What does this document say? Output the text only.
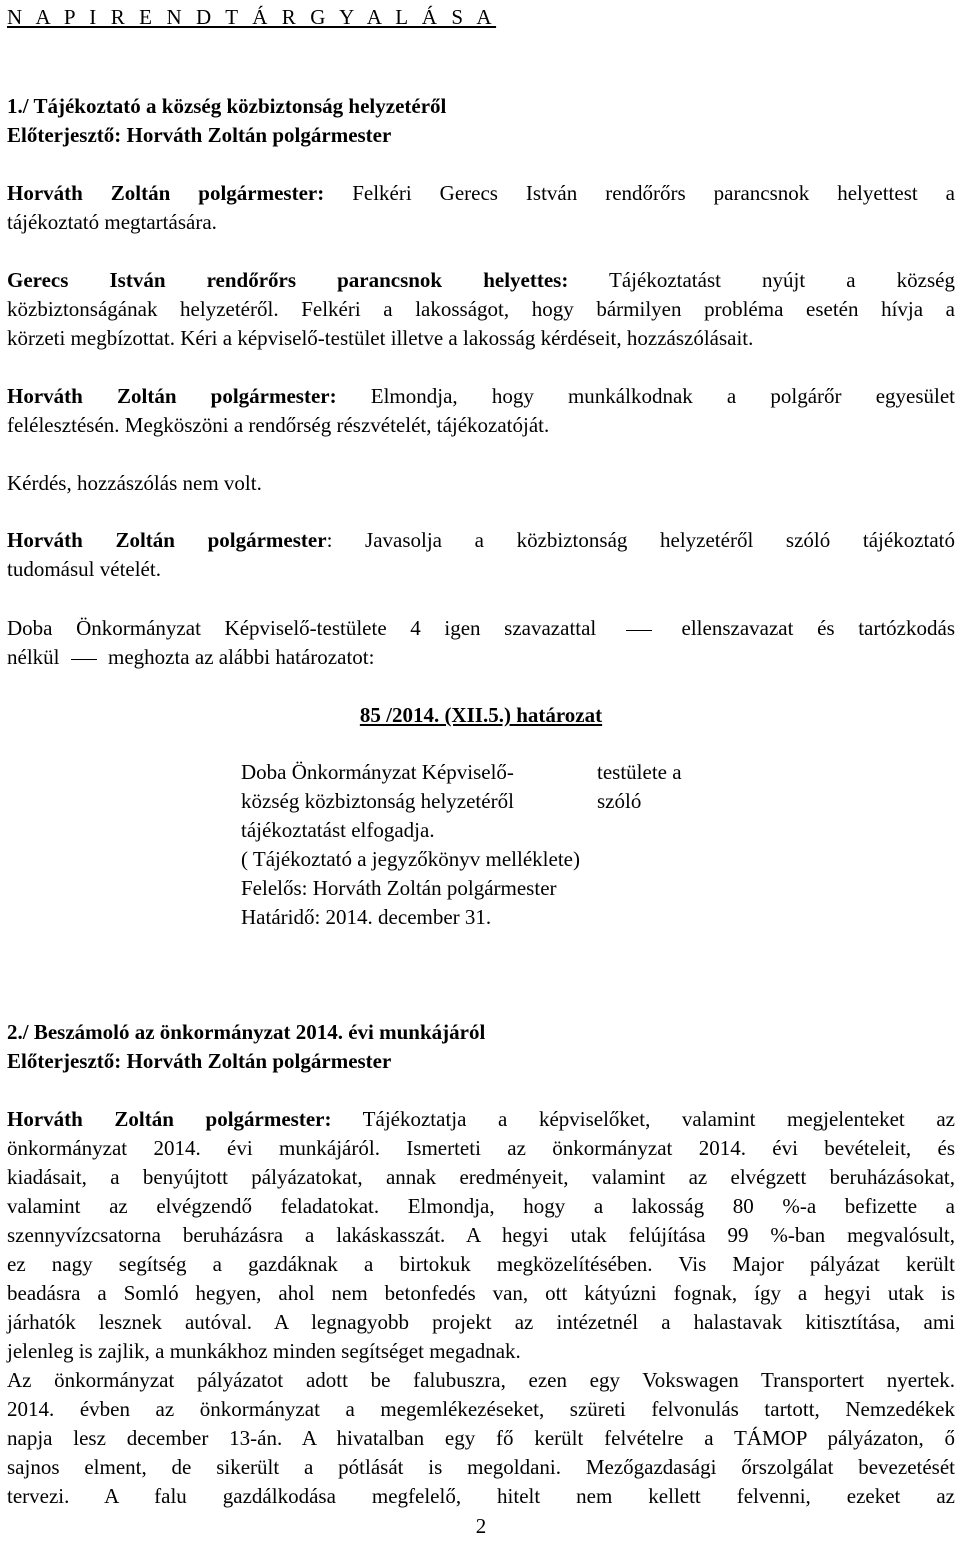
N A P I R E N D T Á R G Y A L Á S A
1./ Tájékoztató a község közbiztonság helyzetéről
Előterjesztő: Horváth Zoltán polgármester

Horváth Zoltán polgármester: Felkéri Gerecs István rendőrőrs parancsnok helyettest a

tájékoztató megtartására.

Gerecs István rendőrőrs parancsnok helyettes: Tájékoztatást nyújt a község

közbiztonságának helyzetéről. Felkéri a lakosságot, hogy bármilyen probléma esetén hívja a

körzeti megbízottat. Kéri a képviselő-testület illetve a lakosság kérdéseit, hozzászólásait.

Horváth Zoltán polgármester: Elmondja, hogy munkálkodnak a polgárőr egyesület

felélesztésén. Megköszöni a rendőrség részvételét, tájékozatóját.

Kérdés, hozzászólás nem volt.

Horváth Zoltán polgármester: Javasolja a közbiztonság helyzetéről szóló tájékoztató

tudomásul vételét.

Doba Önkormányzat Képviselő-testülete 4 igen szavazattal	ellenszavazat és tartózkodás

nélkül meghozta az alábbi határozatot:

85 /2014. (XII.5.) határozat
Doba Önkormányzat Képviselő-	testülete a
község közbiztonság helyzetéről	szóló
tájékoztatást elfogadja.
( Tájékoztató a jegyzőkönyv melléklete)
Felelős: Horváth Zoltán polgármester
Határidő: 2014. december 31.
2./ Beszámoló az önkormányzat 2014. évi munkájáról
Előterjesztő: Horváth Zoltán polgármester

Horváth Zoltán polgármester: Tájékoztatja a képviselőket, valamint megjelenteket az

önkormányzat 2014. évi munkájáról. Ismerteti az önkormányzat 2014. évi bevételeit, és

kiadásait, a benyújtott pályázatokat, annak eredményeit, valamint az elvégzett beruházásokat,

valamint az elvégzendő feladatokat. Elmondja, hogy a lakosság 80 %-a befizette a

szennyvízcsatorna beruházásra a lakáskasszát. A hegyi utak felújítása 99 %-ban megvalósult,

ez nagy segítség a gazdáknak a birtokuk megközelítésében. Vis Major pályázat került

beadásra a Somló hegyen, ahol nem betonfedés van, ott kátyúzni fognak, így a hegyi utak is

járhatók lesznek autóval. A legnagyobb projekt az intézetnél a halastavak kitisztítása, ami

jelenleg is zajlik, a munkákhoz minden segítséget megadnak.

Az önkormányzat pályázatot adott be falubuszra, ezen egy Vokswagen Transportert nyertek.

2014. évben az önkormányzat a megemlékezéseket, szüreti felvonulás tartott, Nemzedékek

napja lesz december 13-án. A hivatalban egy fő került felvételre a TÁMOP pályázaton, ő

sajnos elment, de sikerült a pótlását is megoldani. Mezőgazdasági őrszolgálat bevezetését

tervezi. A falu gazdálkodása megfelelő, hitelt nem kellett felvenni, ezeket az

2
